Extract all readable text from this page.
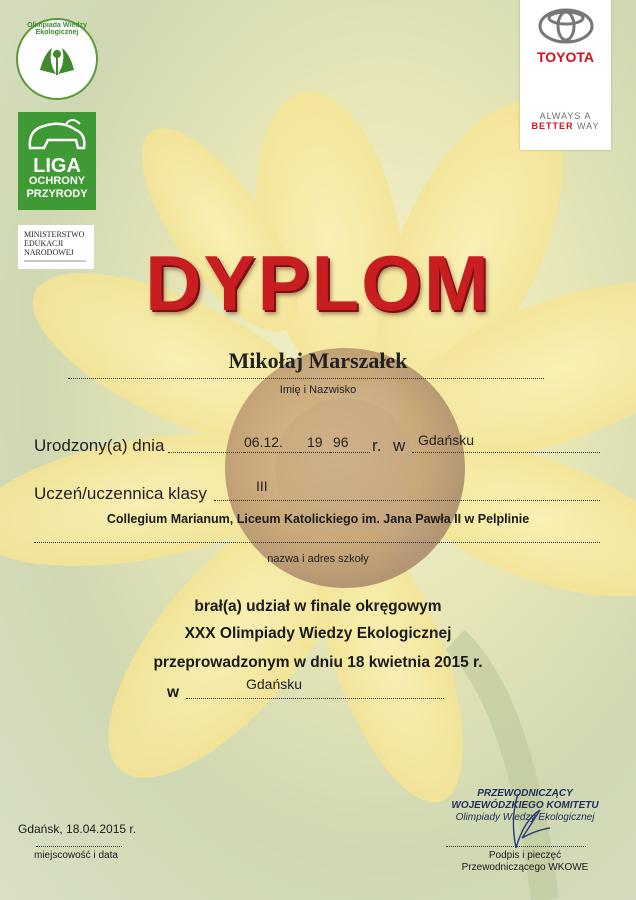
Olimpiada Wiedzy Ekologicznej
LIGA
OCHRONY
PRZYRODY
MINISTERSTWO
EDUKACJI
NARODOWEJ
TOYOTA
ALWAYS A
BETTER WAY
DYPLOM
Mikołaj Marszałek
Imię i Nazwisko
Urodzony(a) dnia	06.12. 19 96 r. w Gdańsku
Uczeń/uczennica klasy	III
Collegium Marianum, Liceum Katolickiego im. Jana Pawła II w Pelplinie
nazwa i adres szkoły
brał(a) udział w finale okręgowym
XXX Olimpiady Wiedzy Ekologicznej
przeprowadzonym w dniu 18 kwietnia 2015 r.
w	Gdańsku
Gdańsk, 18.04.2015 r.
miejscowość i data
PRZEWODNICZĄCY
WOJEWÓDZKIEGO KOMITETU
Olimpiady Wiedzy Ekologicznej
Podpis i pieczęć
Przewodniczącego WKOWE
